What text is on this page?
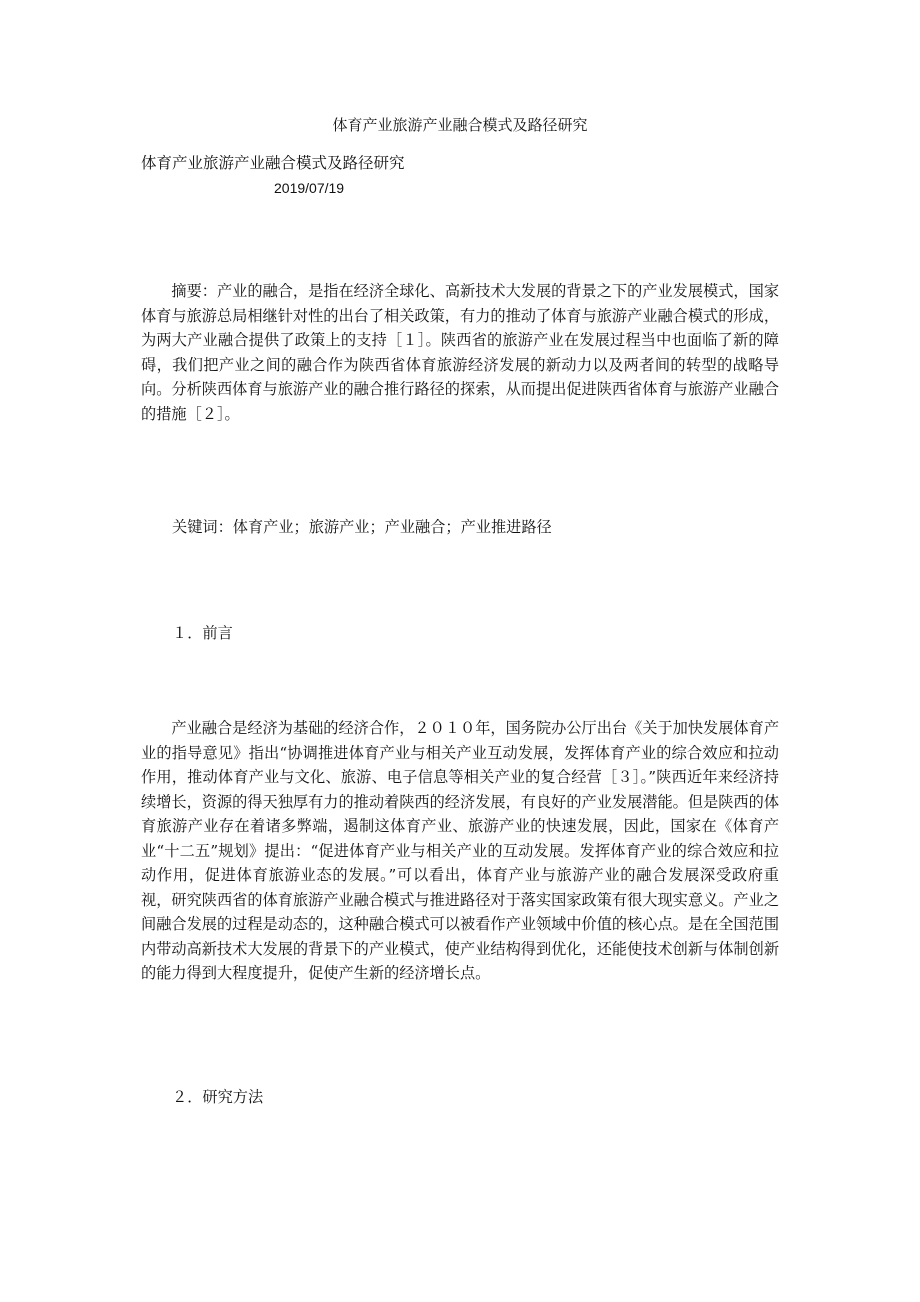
体育产业旅游产业融合模式及路径研究
体育产业旅游产业融合模式及路径研究
2019/07/19

摘要：产业的融合，是指在经济全球化、高新技术大发展的背景之下的产业发展模式，国家体育与旅游总局相继针对性的出台了相关政策，有力的推动了体育与旅游产业融合模式的形成，为两大产业融合提供了政策上的支持［１］。陕西省的旅游产业在发展过程当中也面临了新的障碍，我们把产业之间的融合作为陕西省体育旅游经济发展的新动力以及两者间的转型的战略导向。分析陕西体育与旅游产业的融合推行路径的探索，从而提出促进陕西省体育与旅游产业融合的措施［２］。

关键词：体育产业；旅游产业；产业融合；产业推进路径
１．前言

产业融合是经济为基础的经济合作，２０１０年，国务院办公厅出台《关于加快发展体育产业的指导意见》指出“协调推进体育产业与相关产业互动发展，发挥体育产业的综合效应和拉动作用，推动体育产业与文化、旅游、电子信息等相关产业的复合经营［３］。”陕西近年来经济持续增长，资源的得天独厚有力的推动着陕西的经济发展，有良好的产业发展潜能。但是陕西的体育旅游产业存在着诸多弊端，遏制这体育产业、旅游产业的快速发展，因此，国家在《体育产业“十二五”规划》提出：“促进体育产业与相关产业的互动发展。发挥体育产业的综合效应和拉动作用，促进体育旅游业态的发展。”可以看出，体育产业与旅游产业的融合发展深受政府重视，研究陕西省的体育旅游产业融合模式与推进路径对于落实国家政策有很大现实意义。产业之间融合发展的过程是动态的，这种融合模式可以被看作产业领域中价值的核心点。是在全国范围内带动高新技术大发展的背景下的产业模式，使产业结构得到优化，还能使技术创新与体制创新的能力得到大程度提升，促使产生新的经济增长点。

２．研究方法
